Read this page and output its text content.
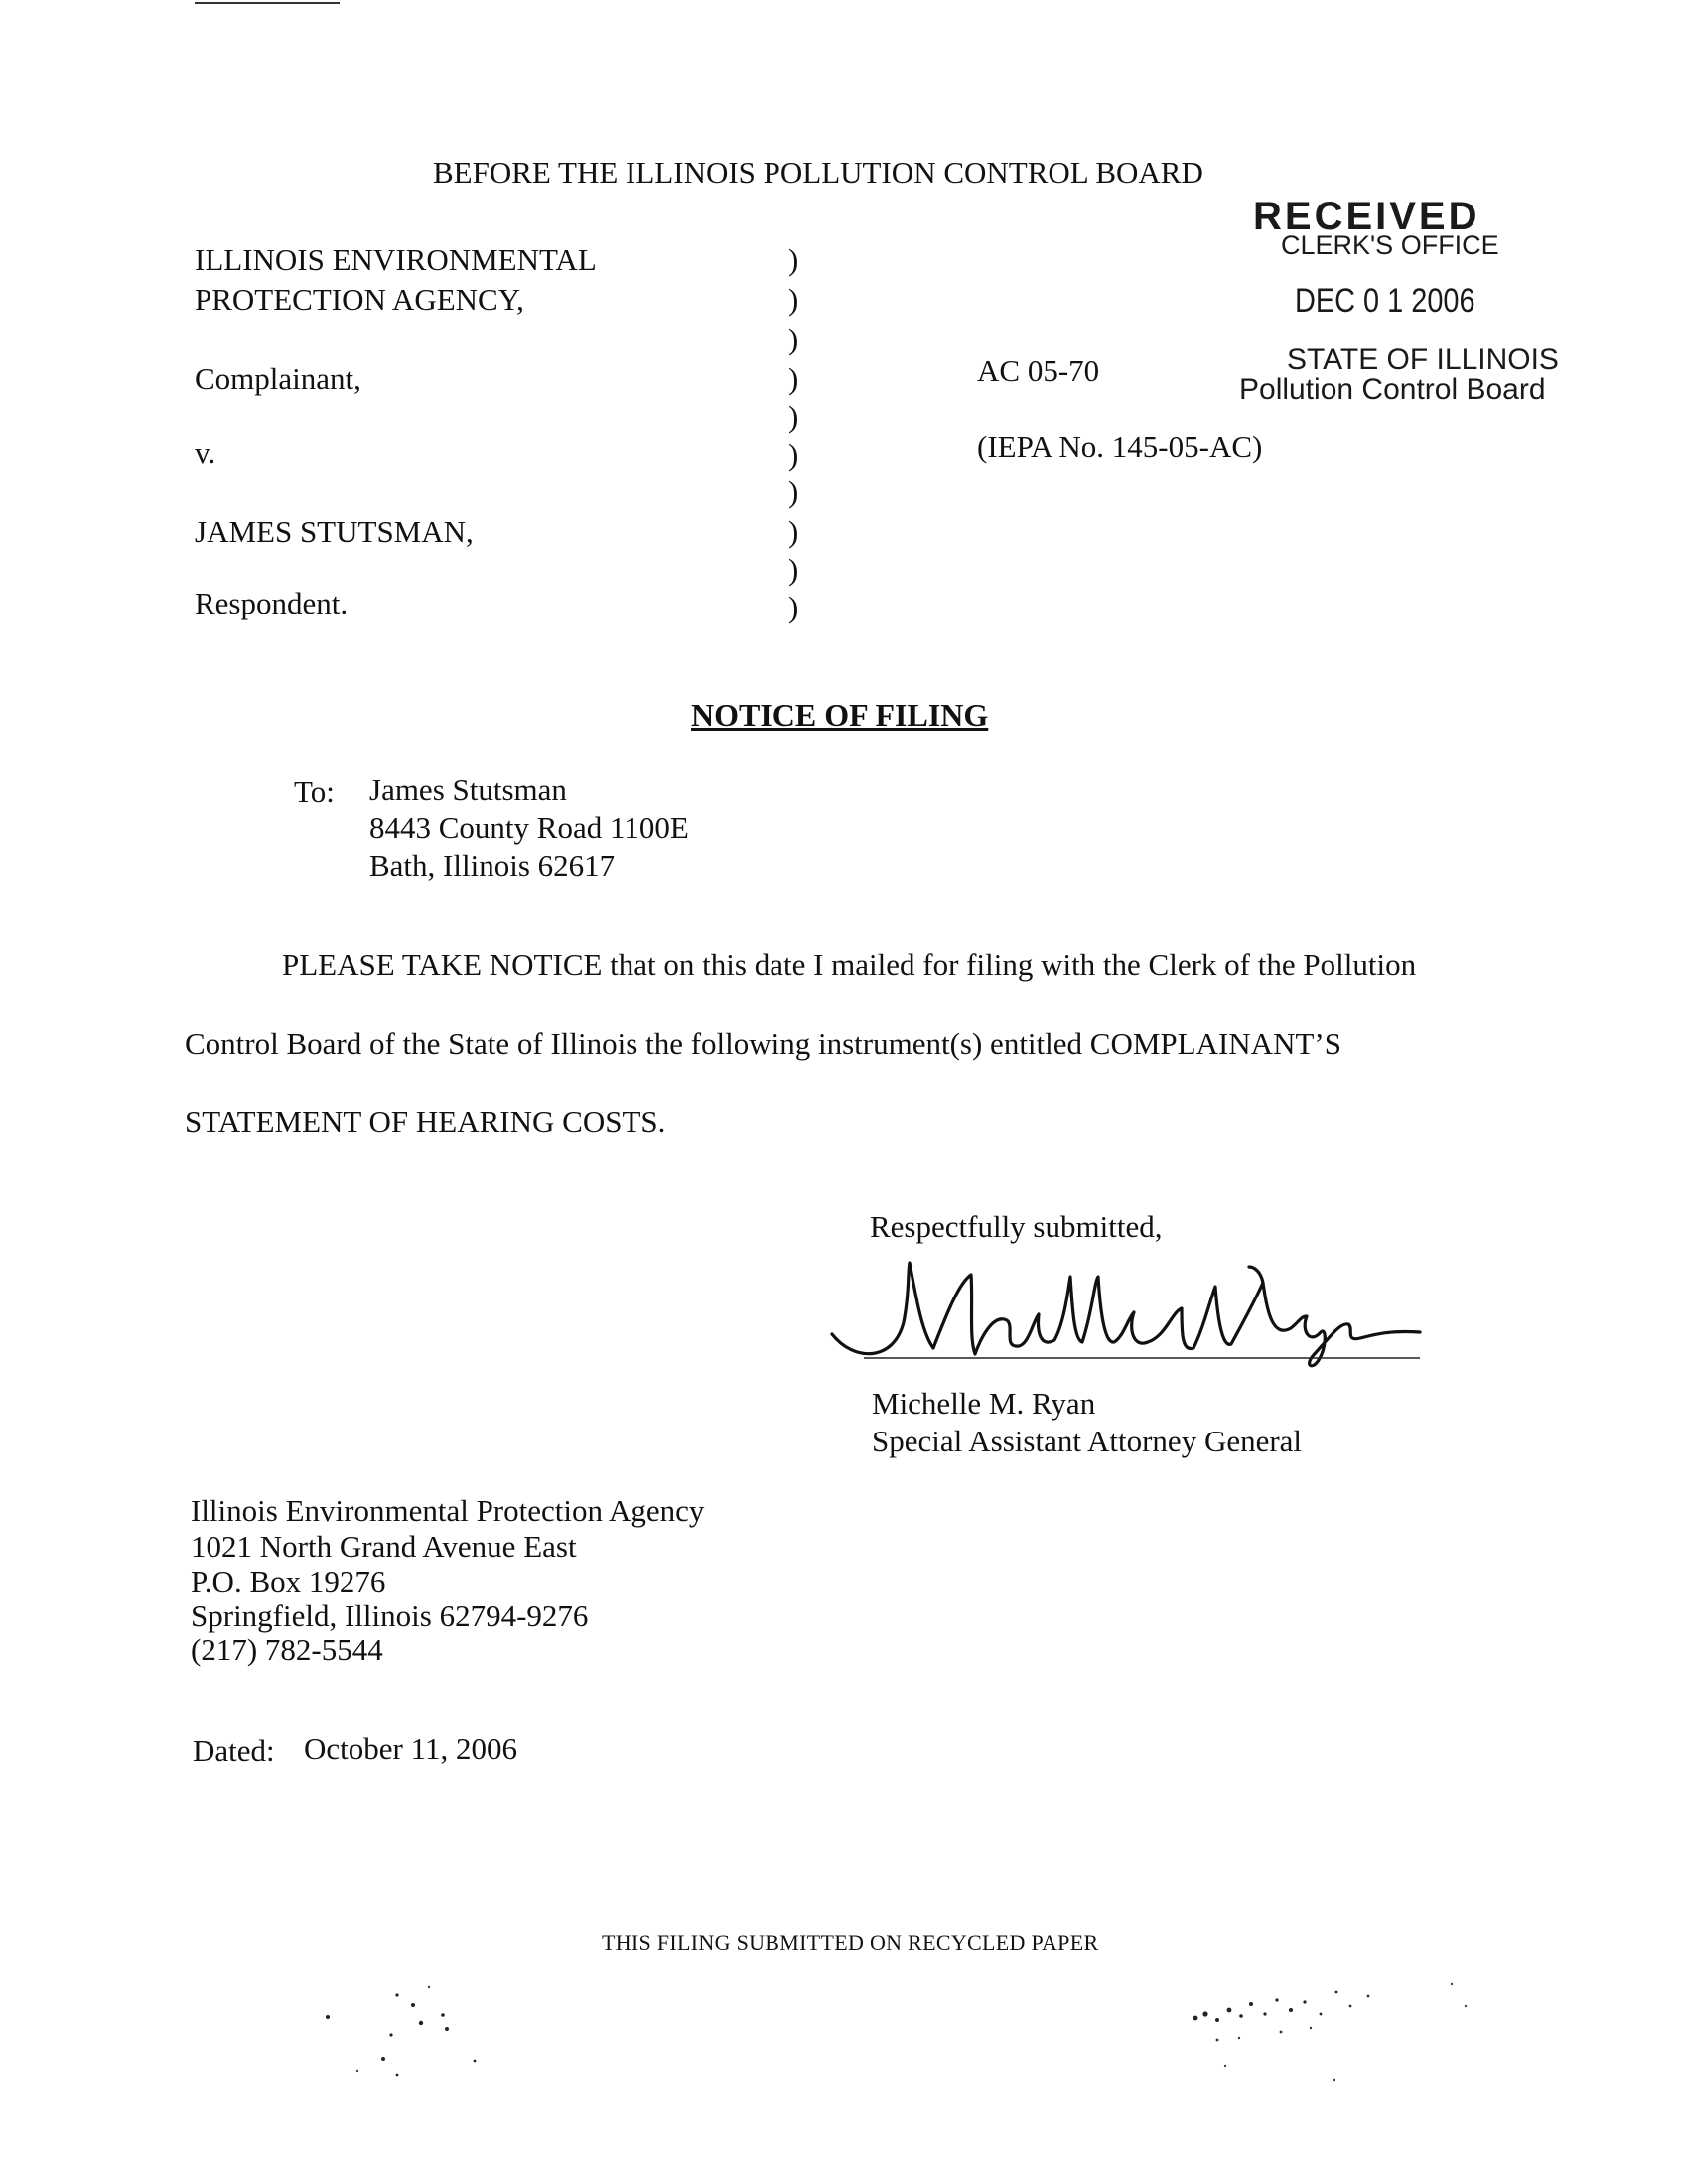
BEFORE THE ILLINOIS POLLUTION CONTROL BOARD
RECEIVED
CLERK'S OFFICE
DEC 0 1 2006
STATE OF ILLINOIS
Pollution Control Board
ILLINOIS ENVIRONMENTAL
PROTECTION AGENCY,
Complainant,
v.
JAMES STUTSMAN,
Respondent.
)
)
)
)
)
)
)
)
)
)
AC 05-70
(IEPA No. 145-05-AC)
NOTICE OF FILING
To: James Stutsman
8443 County Road 1100E
Bath, Illinois 62617
PLEASE TAKE NOTICE that on this date I mailed for filing with the Clerk of the Pollution
Control Board of the State of Illinois the following instrument(s) entitled COMPLAINANT’S
STATEMENT OF HEARING COSTS.
Respectfully submitted,
Michelle M. Ryan
Special Assistant Attorney General
Illinois Environmental Protection Agency
1021 North Grand Avenue East
P.O. Box 19276
Springfield, Illinois 62794-9276
(217) 782-5544
Dated: October 11, 2006
THIS FILING SUBMITTED ON RECYCLED PAPER
